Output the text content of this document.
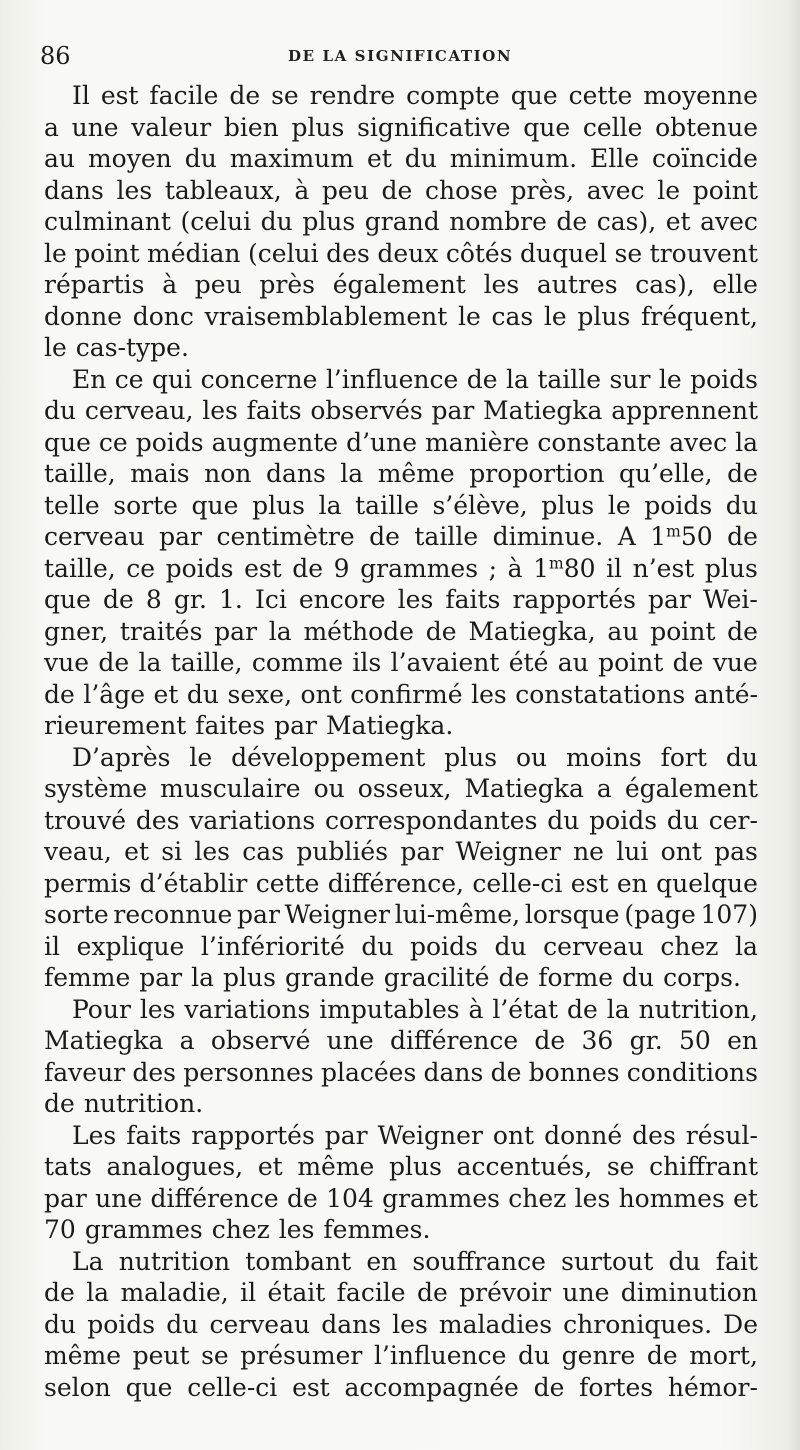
86	DE LA SIGNIFICATION
Il est facile de se rendre compte que cette moyenne
a une valeur bien plus significative que celle obtenue
au moyen du maximum et du minimum. Elle coïncide
dans les tableaux, à peu de chose près, avec le point
culminant (celui du plus grand nombre de cas), et avec
le point médian (celui des deux côtés duquel se trouvent
répartis à peu près également les autres cas), elle
donne donc vraisemblablement le cas le plus fréquent,
le cas-type.
En ce qui concerne l’influence de la taille sur le poids
du cerveau, les faits observés par Matiegka apprennent
que ce poids augmente d’une manière constante avec la
taille, mais non dans la même proportion qu’elle, de
telle sorte que plus la taille s’élève, plus le poids du
cerveau par centimètre de taille diminue. A 1$^m$50 de
taille, ce poids est de 9 grammes ; à 1$^m$80 il n’est plus
que de 8 gr. 1. Ici encore les faits rapportés par Wei-
gner, traités par la méthode de Matiegka, au point de
vue de la taille, comme ils l’avaient été au point de vue
de l’âge et du sexe, ont confirmé les constatations anté-
rieurement faites par Matiegka.
D’après le développement plus ou moins fort du
système musculaire ou osseux, Matiegka a également
trouvé des variations correspondantes du poids du cer-
veau, et si les cas publiés par Weigner ne lui ont pas
permis d’établir cette différence, celle-ci est en quelque
sorte reconnue par Weigner lui-même, lorsque (page 107)
il explique l’infériorité du poids du cerveau chez la
femme par la plus grande gracilité de forme du corps.
Pour les variations imputables à l’état de la nutrition,
Matiegka a observé une différence de 36 gr. 50 en
faveur des personnes placées dans de bonnes conditions
de nutrition.
Les faits rapportés par Weigner ont donné des résul-
tats analogues, et même plus accentués, se chiffrant
par une différence de 104 grammes chez les hommes et
70 grammes chez les femmes.
La nutrition tombant en souffrance surtout du fait
de la maladie, il était facile de prévoir une diminution
du poids du cerveau dans les maladies chroniques. De
même peut se présumer l’influence du genre de mort,
selon que celle-ci est accompagnée de fortes hémor-
